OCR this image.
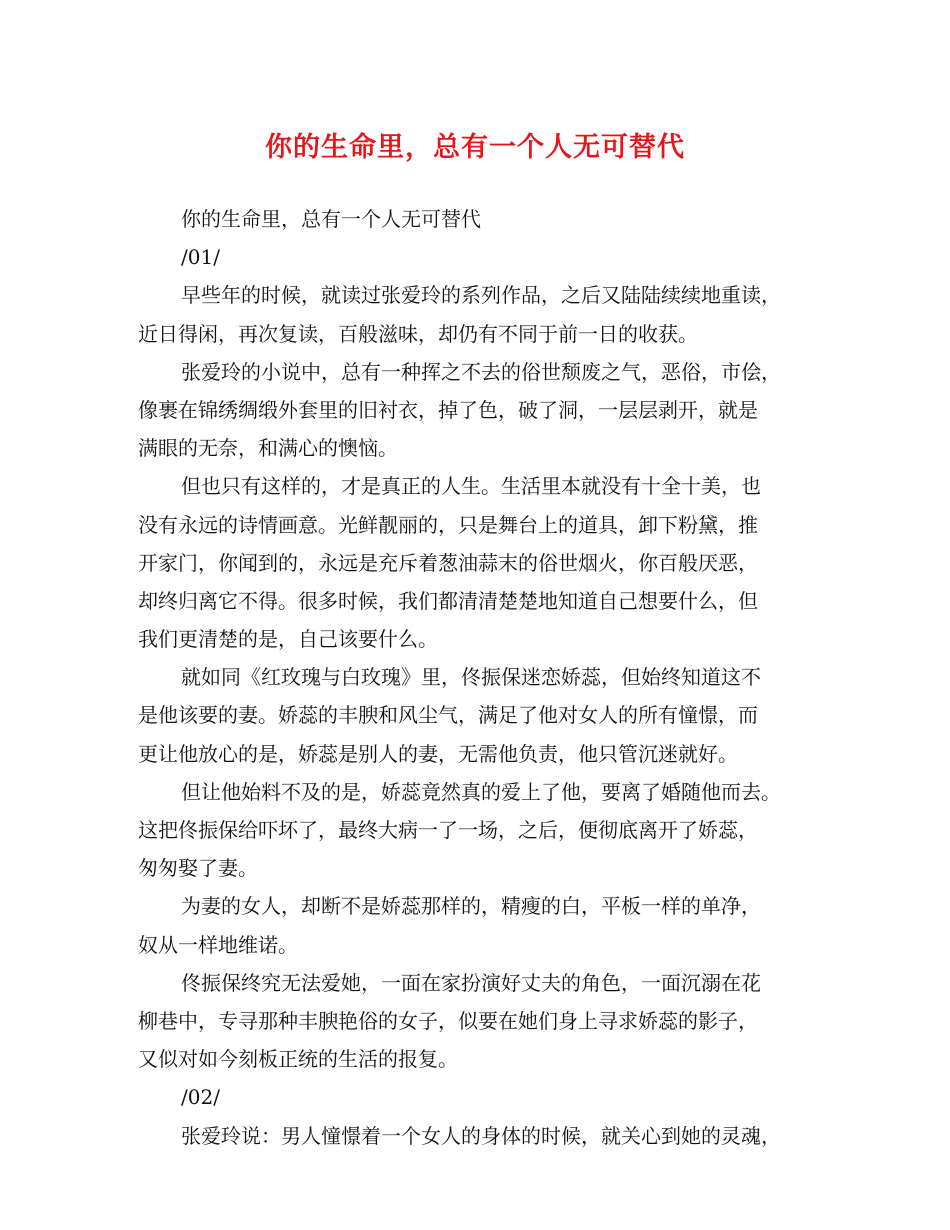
你的生命里，总有一个人无可替代
你的生命里，总有一个人无可替代
/01/
早些年的时候，就读过张爱玲的系列作品，之后又陆陆续续地重读，
近日得闲，再次复读，百般滋味，却仍有不同于前一日的收获。
张爱玲的小说中，总有一种挥之不去的俗世颓废之气，恶俗，市侩，
像裹在锦绣绸缎外套里的旧衬衣，掉了色，破了洞，一层层剥开，就是
满眼的无奈，和满心的懊恼。
但也只有这样的，才是真正的人生。生活里本就没有十全十美，也
没有永远的诗情画意。光鲜靓丽的，只是舞台上的道具，卸下粉黛，推
开家门，你闻到的，永远是充斥着葱油蒜末的俗世烟火，你百般厌恶，
却终归离它不得。很多时候，我们都清清楚楚地知道自己想要什么，但
我们更清楚的是，自己该要什么。
就如同《红玫瑰与白玫瑰》里，佟振保迷恋娇蕊，但始终知道这不
是他该要的妻。娇蕊的丰腴和风尘气，满足了他对女人的所有憧憬，而
更让他放心的是，娇蕊是别人的妻，无需他负责，他只管沉迷就好。
但让他始料不及的是，娇蕊竟然真的爱上了他，要离了婚随他而去。
这把佟振保给吓坏了，最终大病一了一场，之后，便彻底离开了娇蕊，
匆匆娶了妻。
为妻的女人，却断不是娇蕊那样的，精瘦的白，平板一样的单净，
奴从一样地维诺。
佟振保终究无法爱她，一面在家扮演好丈夫的角色，一面沉溺在花
柳巷中，专寻那种丰腴艳俗的女子，似要在她们身上寻求娇蕊的影子，
又似对如今刻板正统的生活的报复。
/02/
张爱玲说：男人憧憬着一个女人的身体的时候，就关心到她的灵魂，
